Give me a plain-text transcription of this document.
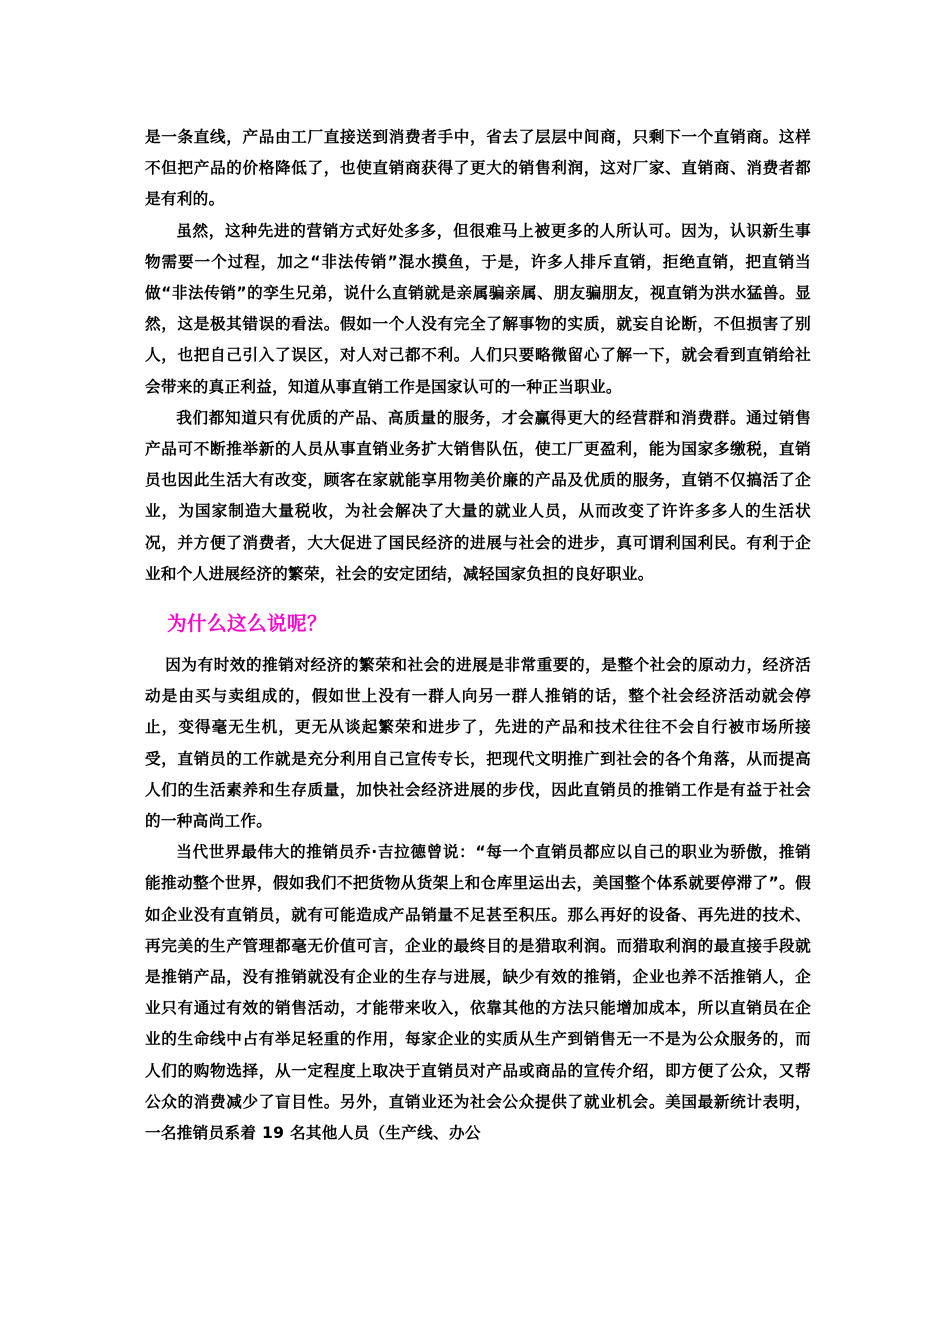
是一条直线，产品由工厂直接送到消费者手中，省去了层层中间商，只剩下一个直销商。这样不但把产品的价格降低了，也使直销商获得了更大的销售利润，这对厂家、直销商、消费者都是有利的。

虽然，这种先进的营销方式好处多多，但很难马上被更多的人所认可。因为，认识新生事物需要一个过程，加之“非法传销”混水摸鱼，于是，许多人排斥直销，拒绝直销，把直销当做“非法传销”的孪生兄弟，说什么直销就是亲属骗亲属、朋友骗朋友，视直销为洪水猛兽。显然，这是极其错误的看法。假如一个人没有完全了解事物的实质，就妄自论断，不但损害了别人，也把自己引入了误区，对人对己都不利。人们只要略微留心了解一下，就会看到直销给社会带来的真正利益，知道从事直销工作是国家认可的一种正当职业。

我们都知道只有优质的产品、高质量的服务，才会赢得更大的经营群和消费群。通过销售产品可不断推举新的人员从事直销业务扩大销售队伍，使工厂更盈利，能为国家多缴税，直销员也因此生活大有改变，顾客在家就能享用物美价廉的产品及优质的服务，直销不仅搞活了企业，为国家制造大量税收，为社会解决了大量的就业人员，从而改变了许许多多人的生活状况，并方便了消费者，大大促进了国民经济的进展与社会的进步，真可谓利国利民。有利于企业和个人进展经济的繁荣，社会的安定团结，减轻国家负担的良好职业。

为什么这么说呢？

因为有时效的推销对经济的繁荣和社会的进展是非常重要的，是整个社会的原动力，经济活动是由买与卖组成的，假如世上没有一群人向另一群人推销的话，整个社会经济活动就会停止，变得毫无生机，更无从谈起繁荣和进步了，先进的产品和技术往往不会自行被市场所接受，直销员的工作就是充分利用自己宣传专长，把现代文明推广到社会的各个角落，从而提高人们的生活素养和生存质量，加快社会经济进展的步伐，因此直销员的推销工作是有益于社会的一种高尚工作。

当代世界最伟大的推销员乔·吉拉德曾说：“每一个直销员都应以自己的职业为骄傲，推销能推动整个世界，假如我们不把货物从货架上和仓库里运出去，美国整个体系就要停滞了”。假如企业没有直销员，就有可能造成产品销量不足甚至积压。那么再好的设备、再先进的技术、再完美的生产管理都毫无价值可言，企业的最终目的是猎取利润。而猎取利润的最直接手段就是推销产品，没有推销就没有企业的生存与进展，缺少有效的推销，企业也养不活推销人，企业只有通过有效的销售活动，才能带来收入，依靠其他的方法只能增加成本，所以直销员在企业的生命线中占有举足轻重的作用，每家企业的实质从生产到销售无一不是为公众服务的，而人们的购物选择，从一定程度上取决于直销员对产品或商品的宣传介绍，即方便了公众，又帮公众的消费减少了盲目性。另外，直销业还为社会公众提供了就业机会。美国最新统计表明，一名推销员系着 19 名其他人员（生产线、办公
